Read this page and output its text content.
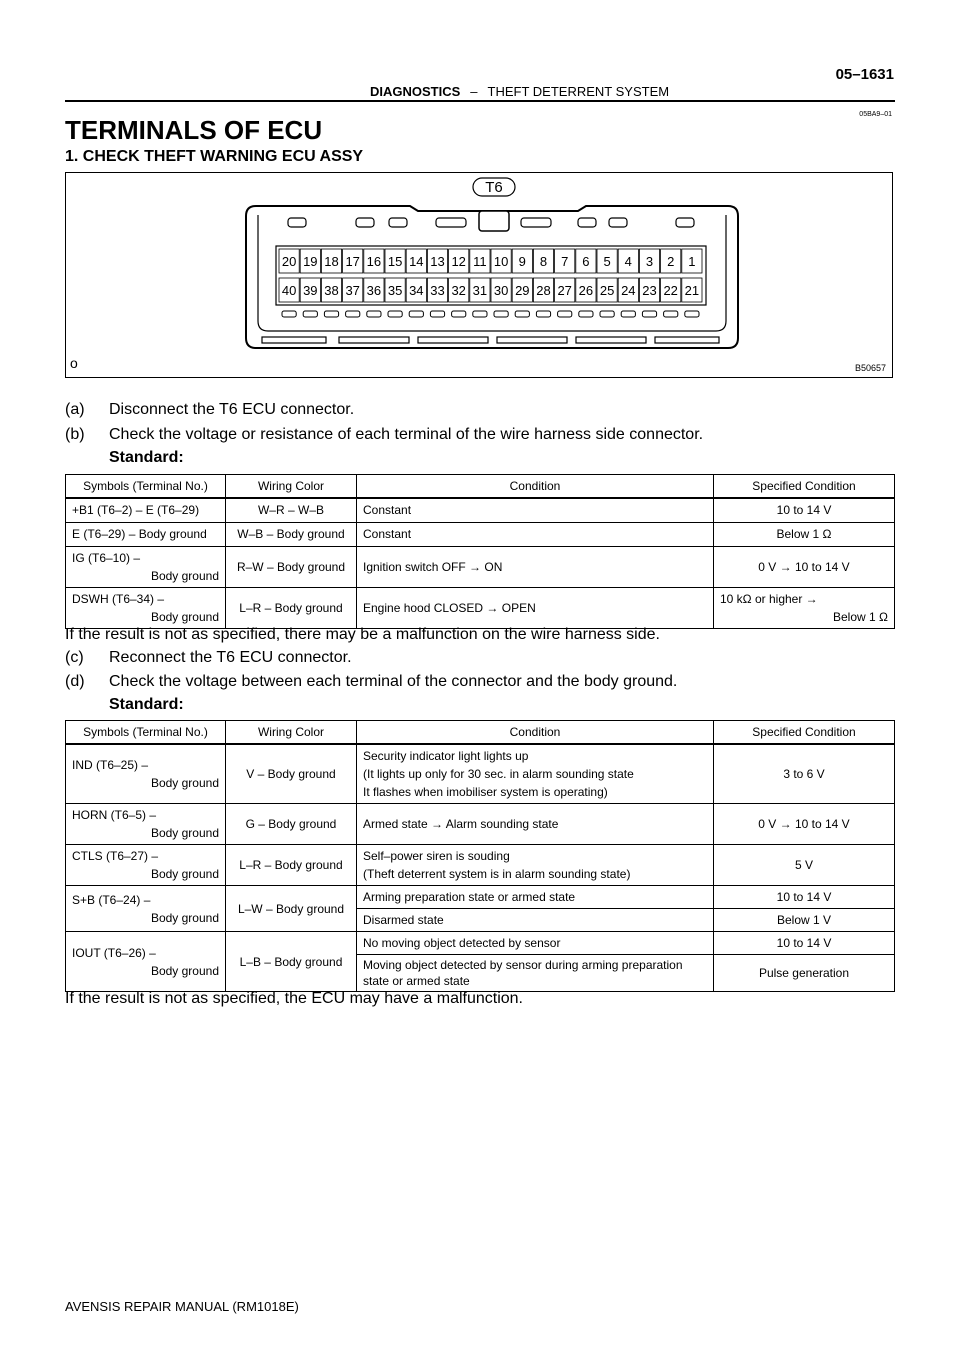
DIAGNOSTICS – THEFT DETERRENT SYSTEM
05–1631
05BA9–01
TERMINALS OF ECU
1. CHECK THEFT WARNING ECU ASSY
T6
20 19 18 17 16 15 14 13 12 11 10 9 8 7 6 5 4 3 2 1
40 39 38 37 36 35 34 33 32 31 30 29 28 27 26 25 24 23 22 21
o	B50657
(a) Disconnect the T6 ECU connector.
(b) Check the voltage or resistance of each terminal of the wire harness side connector.
Standard:
Symbols (Terminal No.)	Wiring Color	Condition	Specified Condition
+B1 (T6–2) – E (T6–29)	W–R – W–B	Constant	10 to 14 V
E (T6–29) – Body ground	W–B – Body ground	Constant	Below 1 Ω
IG (T6–10) –
Body ground	R–W – Body ground	Ignition switch OFF → ON	0 V → 10 to 14 V
DSWH (T6–34) –
Body ground	L–R – Body ground	Engine hood CLOSED → OPEN	10 kΩ or higher →
Below 1 Ω
If the result is not as specified, there may be a malfunction on the wire harness side.
(c) Reconnect the T6 ECU connector.
(d) Check the voltage between each terminal of the connector and the body ground.
Standard:
Symbols (Terminal No.)	Wiring Color	Condition	Specified Condition
IND (T6–25) –
Body ground	V – Body ground	Security indicator light lights up
(It lights up only for 30 sec. in alarm sounding state
It flashes when imobiliser system is operating)	3 to 6 V
HORN (T6–5) –
Body ground	G – Body ground	Armed state → Alarm sounding state	0 V → 10 to 14 V
CTLS (T6–27) –
Body ground	L–R – Body ground	Self–power siren is souding
(Theft deterrent system is in alarm sounding state)	5 V
S+B (T6–24) –
Body ground	L–W – Body ground	Arming preparation state or armed state	10 to 14 V
		Disarmed state	Below 1 V
IOUT (T6–26) –
Body ground	L–B – Body ground	No moving object detected by sensor	10 to 14 V
		Moving object detected by sensor during arming preparation
state or armed state	Pulse generation
If the result is not as specified, the ECU may have a malfunction.
AVENSIS REPAIR MANUAL (RM1018E)
